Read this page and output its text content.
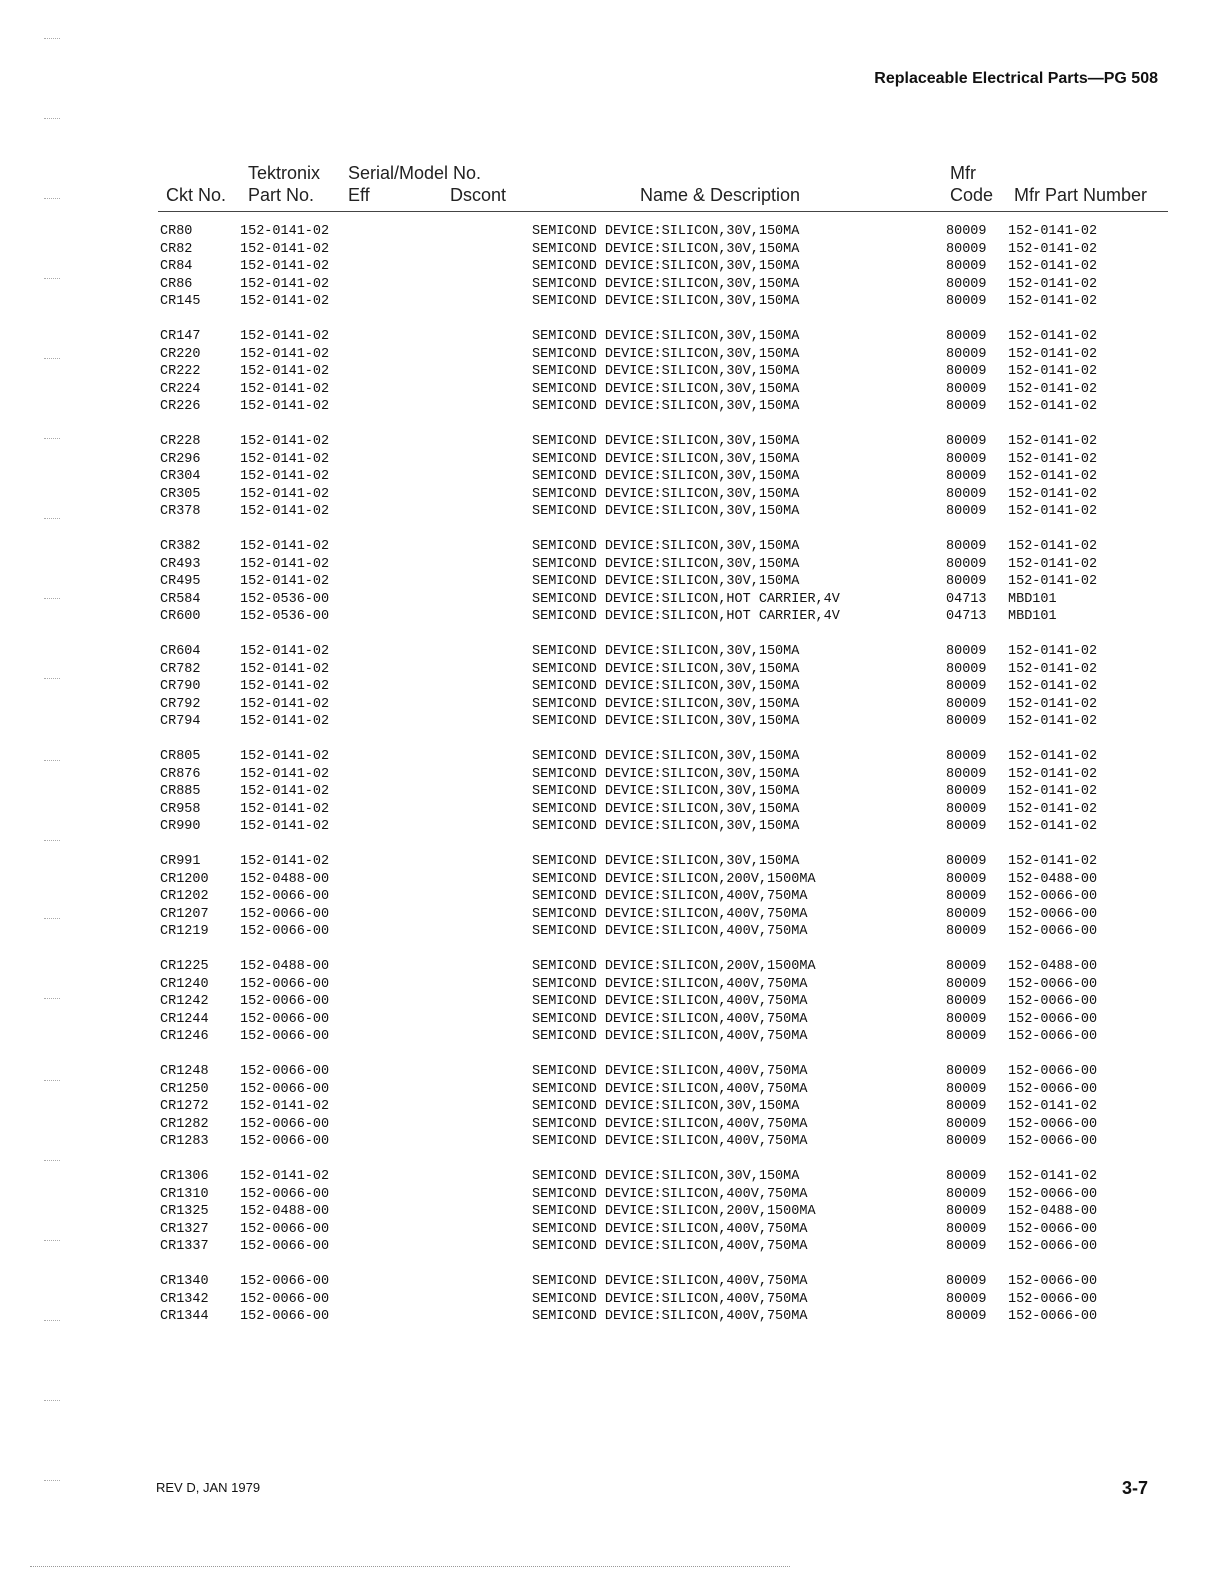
Replaceable Electrical Parts—PG 508
Tektronix
Ckt No. Part No.
Serial/Model No.
Eff	Dscont	Name & Description
Mfr
Code Mfr Part Number
CR80	152-0141-02	SEMICOND DEVICE:SILICON,30V,150MA	80009 152-0141-02
CR82	152-0141-02	SEMICOND DEVICE:SILICON,30V,150MA	80009 152-0141-02
CR84	152-0141-02	SEMICOND DEVICE:SILICON,30V,150MA	80009 152-0141-02
CR86	152-0141-02	SEMICOND DEVICE:SILICON,30V,150MA	80009 152-0141-02
CR145	152-0141-02	SEMICOND DEVICE:SILICON,30V,150MA	80009 152-0141-02
CR147	152-0141-02	SEMICOND DEVICE:SILICON,30V,150MA	80009 152-0141-02
CR220	152-0141-02	SEMICOND DEVICE:SILICON,30V,150MA	80009 152-0141-02
CR222	152-0141-02	SEMICOND DEVICE:SILICON,30V,150MA	80009 152-0141-02
CR224	152-0141-02	SEMICOND DEVICE:SILICON,30V,150MA	80009 152-0141-02
CR226	152-0141-02	SEMICOND DEVICE:SILICON,30V,150MA	80009 152-0141-02
CR228	152-0141-02	SEMICOND DEVICE:SILICON,30V,150MA	80009 152-0141-02
CR296	152-0141-02	SEMICOND DEVICE:SILICON,30V,150MA	80009 152-0141-02
CR304	152-0141-02	SEMICOND DEVICE:SILICON,30V,150MA	80009 152-0141-02
CR305	152-0141-02	SEMICOND DEVICE:SILICON,30V,150MA	80009 152-0141-02
CR378	152-0141-02	SEMICOND DEVICE:SILICON,30V,150MA	80009 152-0141-02
CR382	152-0141-02	SEMICOND DEVICE:SILICON,30V,150MA	80009 152-0141-02
CR493	152-0141-02	SEMICOND DEVICE:SILICON,30V,150MA	80009 152-0141-02
CR495	152-0141-02	SEMICOND DEVICE:SILICON,30V,150MA	80009 152-0141-02
CR584	152-0536-00	SEMICOND DEVICE:SILICON,HOT CARRIER,4V	04713 MBD101
CR600	152-0536-00	SEMICOND DEVICE:SILICON,HOT CARRIER,4V	04713 MBD101
CR604	152-0141-02	SEMICOND DEVICE:SILICON,30V,150MA	80009 152-0141-02
CR782	152-0141-02	SEMICOND DEVICE:SILICON,30V,150MA	80009 152-0141-02
CR790	152-0141-02	SEMICOND DEVICE:SILICON,30V,150MA	80009 152-0141-02
CR792	152-0141-02	SEMICOND DEVICE:SILICON,30V,150MA	80009 152-0141-02
CR794	152-0141-02	SEMICOND DEVICE:SILICON,30V,150MA	80009 152-0141-02
CR805	152-0141-02	SEMICOND DEVICE:SILICON,30V,150MA	80009 152-0141-02
CR876	152-0141-02	SEMICOND DEVICE:SILICON,30V,150MA	80009 152-0141-02
CR885	152-0141-02	SEMICOND DEVICE:SILICON,30V,150MA	80009 152-0141-02
CR958	152-0141-02	SEMICOND DEVICE:SILICON,30V,150MA	80009 152-0141-02
CR990	152-0141-02	SEMICOND DEVICE:SILICON,30V,150MA	80009 152-0141-02
CR991	152-0141-02	SEMICOND DEVICE:SILICON,30V,150MA	80009 152-0141-02
CR1200 152-0488-00	SEMICOND DEVICE:SILICON,200V,1500MA	80009 152-0488-00
CR1202 152-0066-00	SEMICOND DEVICE:SILICON,400V,750MA	80009 152-0066-00
CR1207 152-0066-00	SEMICOND DEVICE:SILICON,400V,750MA	80009 152-0066-00
CR1219 152-0066-00	SEMICOND DEVICE:SILICON,400V,750MA	80009 152-0066-00
CR1225 152-0488-00	SEMICOND DEVICE:SILICON,200V,1500MA	80009 152-0488-00
CR1240 152-0066-00	SEMICOND DEVICE:SILICON,400V,750MA	80009 152-0066-00
CR1242 152-0066-00	SEMICOND DEVICE:SILICON,400V,750MA	80009 152-0066-00
CR1244 152-0066-00	SEMICOND DEVICE:SILICON,400V,750MA	80009 152-0066-00
CR1246 152-0066-00	SEMICOND DEVICE:SILICON,400V,750MA	80009 152-0066-00
CR1248 152-0066-00	SEMICOND DEVICE:SILICON,400V,750MA	80009 152-0066-00
CR1250 152-0066-00	SEMICOND DEVICE:SILICON,400V,750MA	80009 152-0066-00
CR1272 152-0141-02	SEMICOND DEVICE:SILICON,30V,150MA	80009 152-0141-02
CR1282 152-0066-00	SEMICOND DEVICE:SILICON,400V,750MA	80009 152-0066-00
CR1283 152-0066-00	SEMICOND DEVICE:SILICON,400V,750MA	80009 152-0066-00
CR1306 152-0141-02	SEMICOND DEVICE:SILICON,30V,150MA	80009 152-0141-02
CR1310 152-0066-00	SEMICOND DEVICE:SILICON,400V,750MA	80009 152-0066-00
CR1325 152-0488-00	SEMICOND DEVICE:SILICON,200V,1500MA	80009 152-0488-00
CR1327 152-0066-00	SEMICOND DEVICE:SILICON,400V,750MA	80009 152-0066-00
CR1337 152-0066-00	SEMICOND DEVICE:SILICON,400V,750MA	80009 152-0066-00
CR1340 152-0066-00	SEMICOND DEVICE:SILICON,400V,750MA	80009 152-0066-00
CR1342 152-0066-00	SEMICOND DEVICE:SILICON,400V,750MA	80009 152-0066-00
CR1344 152-0066-00	SEMICOND DEVICE:SILICON,400V,750MA	80009 152-0066-00
REV D, JAN 1979	3-7
